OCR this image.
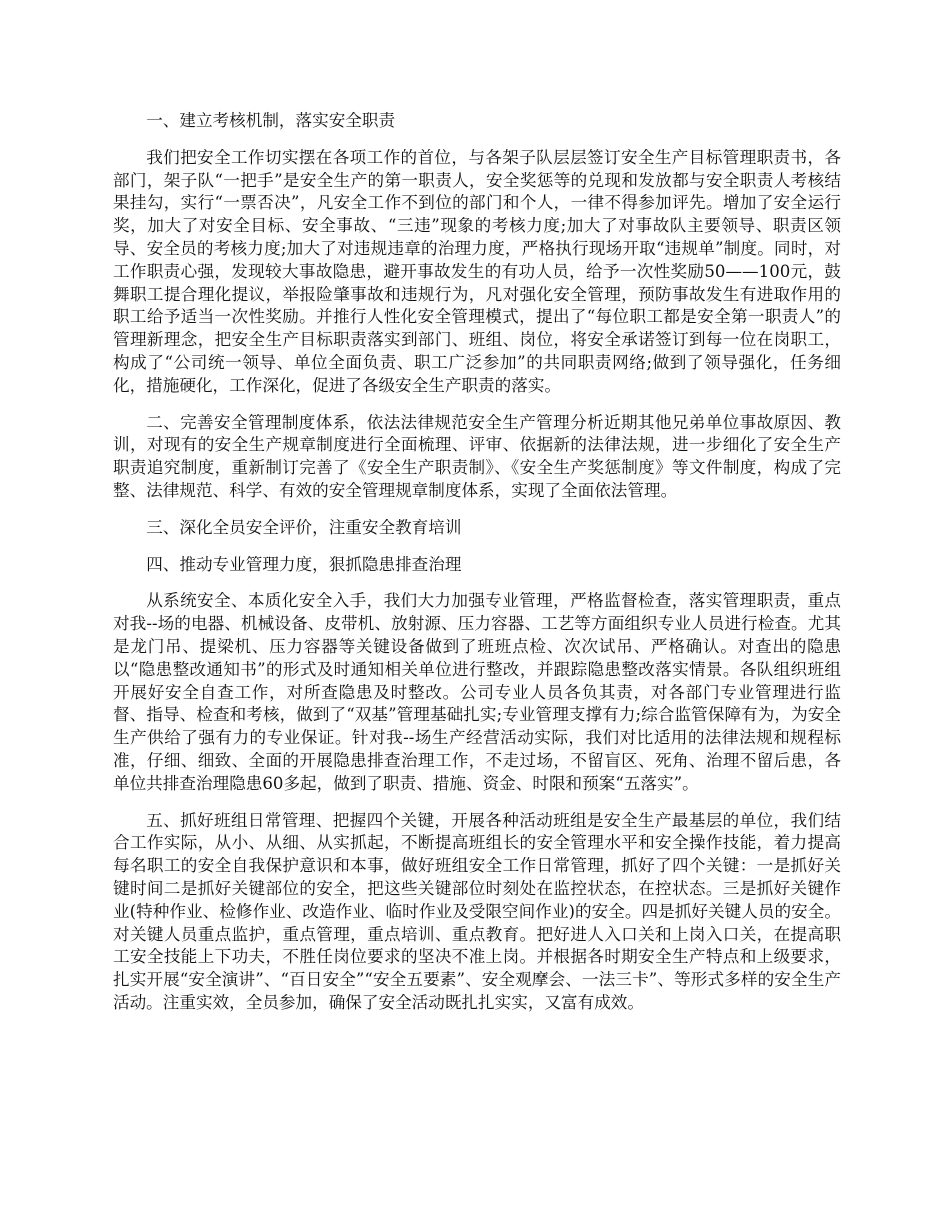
一、建立考核机制，落实安全职责

我们把安全工作切实摆在各项工作的首位，与各架子队层层签订安全生产目标管理职责书，各部门，架子队“一把手”是安全生产的第一职责人，安全奖惩等的兑现和发放都与安全职责人考核结果挂勾，实行“一票否决”，凡安全工作不到位的部门和个人，一律不得参加评先。增加了安全运行奖，加大了对安全目标、安全事故、“三违”现象的考核力度;加大了对事故队主要领导、职责区领导、安全员的考核力度;加大了对违规违章的治理力度，严格执行现场开取“违规单”制度。同时，对工作职责心强，发现较大事故隐患，避开事故发生的有功人员，给予一次性奖励50——100元，鼓舞职工提合理化提议，举报险肇事故和违规行为，凡对强化安全管理，预防事故发生有进取作用的职工给予适当一次性奖励。并推行人性化安全管理模式，提出了“每位职工都是安全第一职责人”的管理新理念，把安全生产目标职责落实到部门、班组、岗位，将安全承诺签订到每一位在岗职工，构成了“公司统一领导、单位全面负责、职工广泛参加”的共同职责网络;做到了领导强化，任务细化，措施硬化，工作深化，促进了各级安全生产职责的落实。

二、完善安全管理制度体系，依法法律规范安全生产管理分析近期其他兄弟单位事故原因、教训，对现有的安全生产规章制度进行全面梳理、评审、依据新的法律法规，进一步细化了安全生产职责追究制度，重新制订完善了《安全生产职责制》、《安全生产奖惩制度》等文件制度，构成了完整、法律规范、科学、有效的安全管理规章制度体系，实现了全面依法管理。

三、深化全员安全评价，注重安全教育培训

四、推动专业管理力度，狠抓隐患排查治理

从系统安全、本质化安全入手，我们大力加强专业管理，严格监督检查，落实管理职责，重点对我--场的电器、机械设备、皮带机、放射源、压力容器、工艺等方面组织专业人员进行检查。尤其是龙门吊、提梁机、压力容器等关键设备做到了班班点检、次次试吊、严格确认。对查出的隐患以“隐患整改通知书”的形式及时通知相关单位进行整改，并跟踪隐患整改落实情景。各队组织班组开展好安全自查工作，对所查隐患及时整改。公司专业人员各负其责，对各部门专业管理进行监督、指导、检查和考核，做到了“双基”管理基础扎实;专业管理支撑有力;综合监管保障有为，为安全生产供给了强有力的专业保证。针对我--场生产经营活动实际，我们对比适用的法律法规和规程标准，仔细、细致、全面的开展隐患排查治理工作，不走过场，不留盲区、死角、治理不留后患，各单位共排查治理隐患60多起，做到了职责、措施、资金、时限和预案“五落实”。

五、抓好班组日常管理、把握四个关键，开展各种活动班组是安全生产最基层的单位，我们结合工作实际，从小、从细、从实抓起，不断提高班组长的安全管理水平和安全操作技能，着力提高每名职工的安全自我保护意识和本事，做好班组安全工作日常管理，抓好了四个关键：一是抓好关键时间二是抓好关键部位的安全，把这些关键部位时刻处在监控状态，在控状态。三是抓好关键作业(特种作业、检修作业、改造作业、临时作业及受限空间作业)的安全。四是抓好关键人员的安全。对关键人员重点监护，重点管理，重点培训、重点教育。把好进人入口关和上岗入口关，在提高职工安全技能上下功夫，不胜任岗位要求的坚决不准上岗。并根据各时期安全生产特点和上级要求，扎实开展“安全演讲”、“百日安全”“安全五要素”、安全观摩会、一法三卡”、等形式多样的安全生产活动。注重实效，全员参加，确保了安全活动既扎扎实实，又富有成效。
